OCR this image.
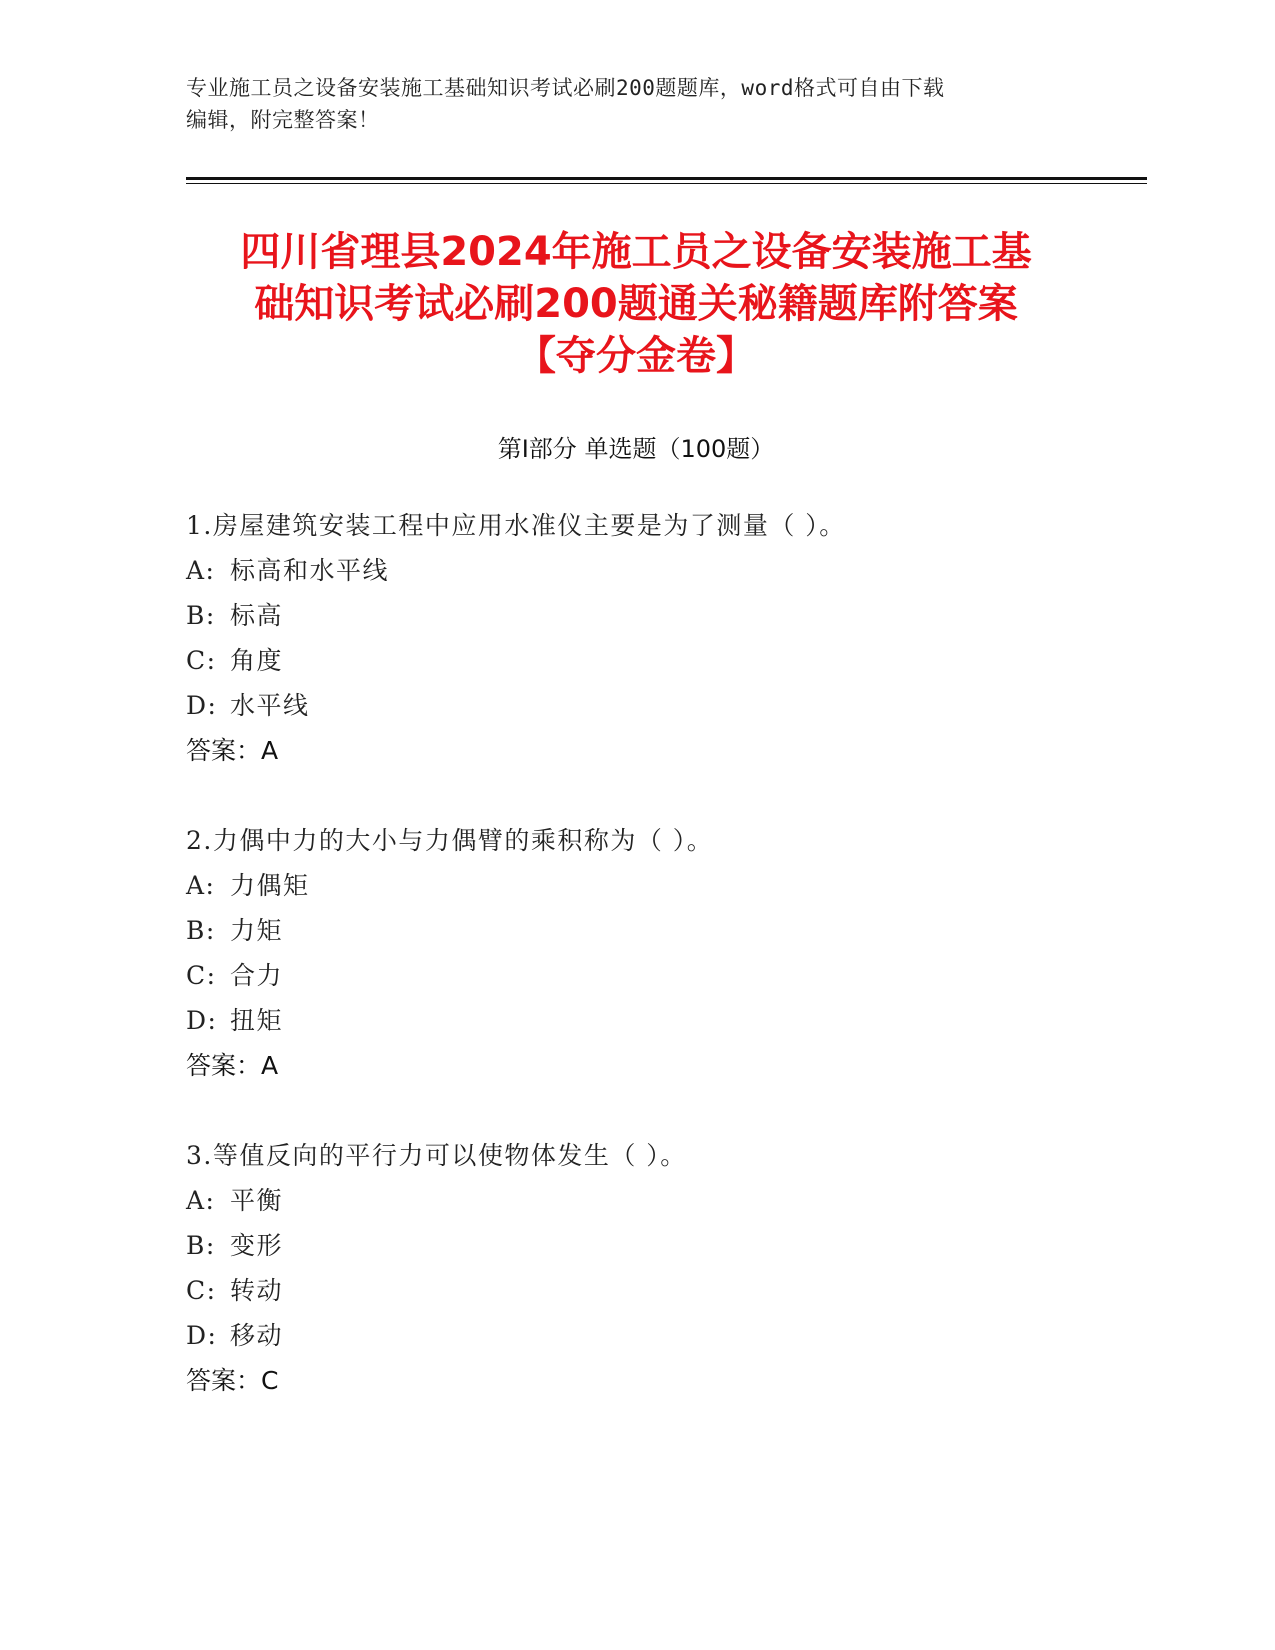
专业施工员之设备安装施工基础知识考试必刷200题题库，word格式可自由下载
编辑，附完整答案！
四川省理县2024年施工员之设备安装施工基
础知识考试必刷200题通关秘籍题库附答案
【夺分金卷】
第Ⅰ部分 单选题（100题）
1.房屋建筑安装工程中应用水准仪主要是为了测量（ ）。
A: 标高和水平线
B: 标高
C: 角度
D: 水平线
答案：A
2.力偶中力的大小与力偶臂的乘积称为（ ）。
A: 力偶矩
B: 力矩
C: 合力
D: 扭矩
答案：A
3.等值反向的平行力可以使物体发生（ ）。
A: 平衡
B: 变形
C: 转动
D: 移动
答案：C
